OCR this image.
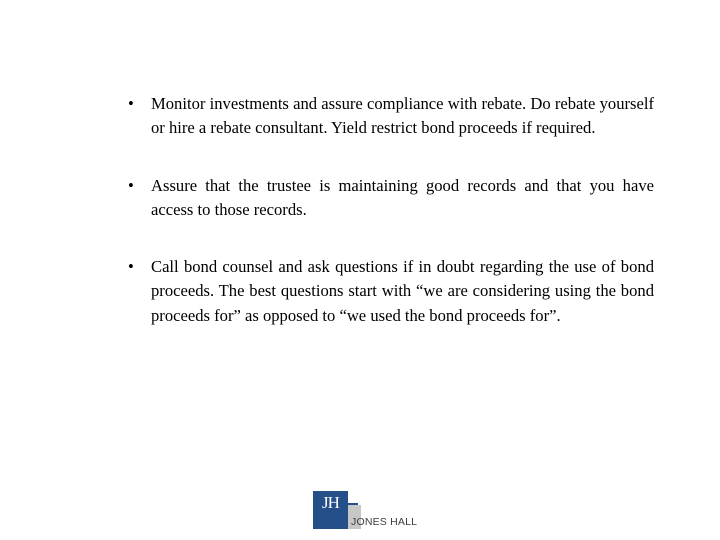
• Monitor investments and assure compliance with rebate. Do rebate yourself or hire a rebate consultant. Yield restrict bond proceeds if required.
• Assure that the trustee is maintaining good records and that you have access to those records.
• Call bond counsel and ask questions if in doubt regarding the use of bond proceeds. The best questions start with “we are considering using the bond proceeds for” as opposed to “we used the bond proceeds for”.
JH
JONES HALL
